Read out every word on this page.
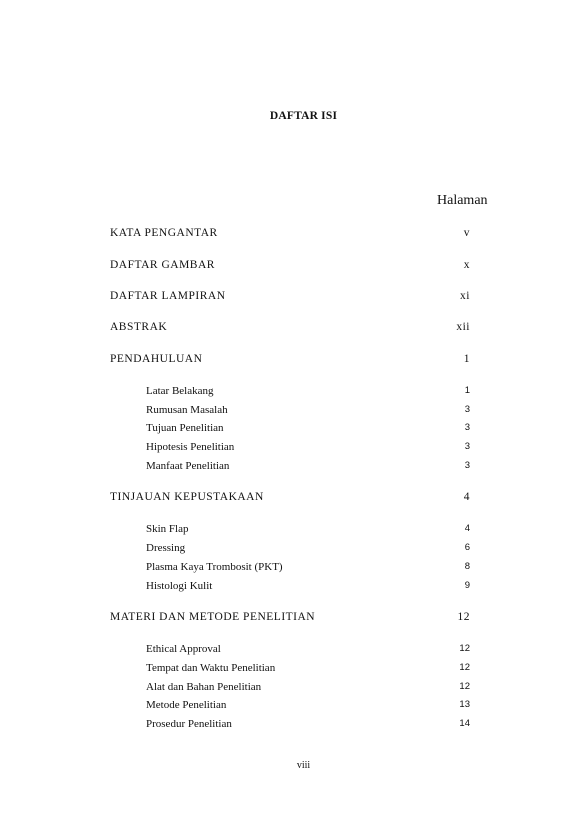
DAFTAR ISI
Halaman
KATA PENGANTAR	v
DAFTAR GAMBAR	x
DAFTAR LAMPIRAN	xi
ABSTRAK	xii
PENDAHULUAN	1
Latar Belakang	1
Rumusan Masalah	3
Tujuan Penelitian	3
Hipotesis Penelitian	3
Manfaat Penelitian	3
TINJAUAN KEPUSTAKAAN	4
Skin Flap	4
Dressing	6
Plasma Kaya Trombosit (PKT)	8
Histologi Kulit	9
MATERI DAN METODE PENELITIAN	12
Ethical Approval	12
Tempat dan Waktu Penelitian	12
Alat dan Bahan Penelitian	12
Metode Penelitian	13
Prosedur Penelitian	14
viii
